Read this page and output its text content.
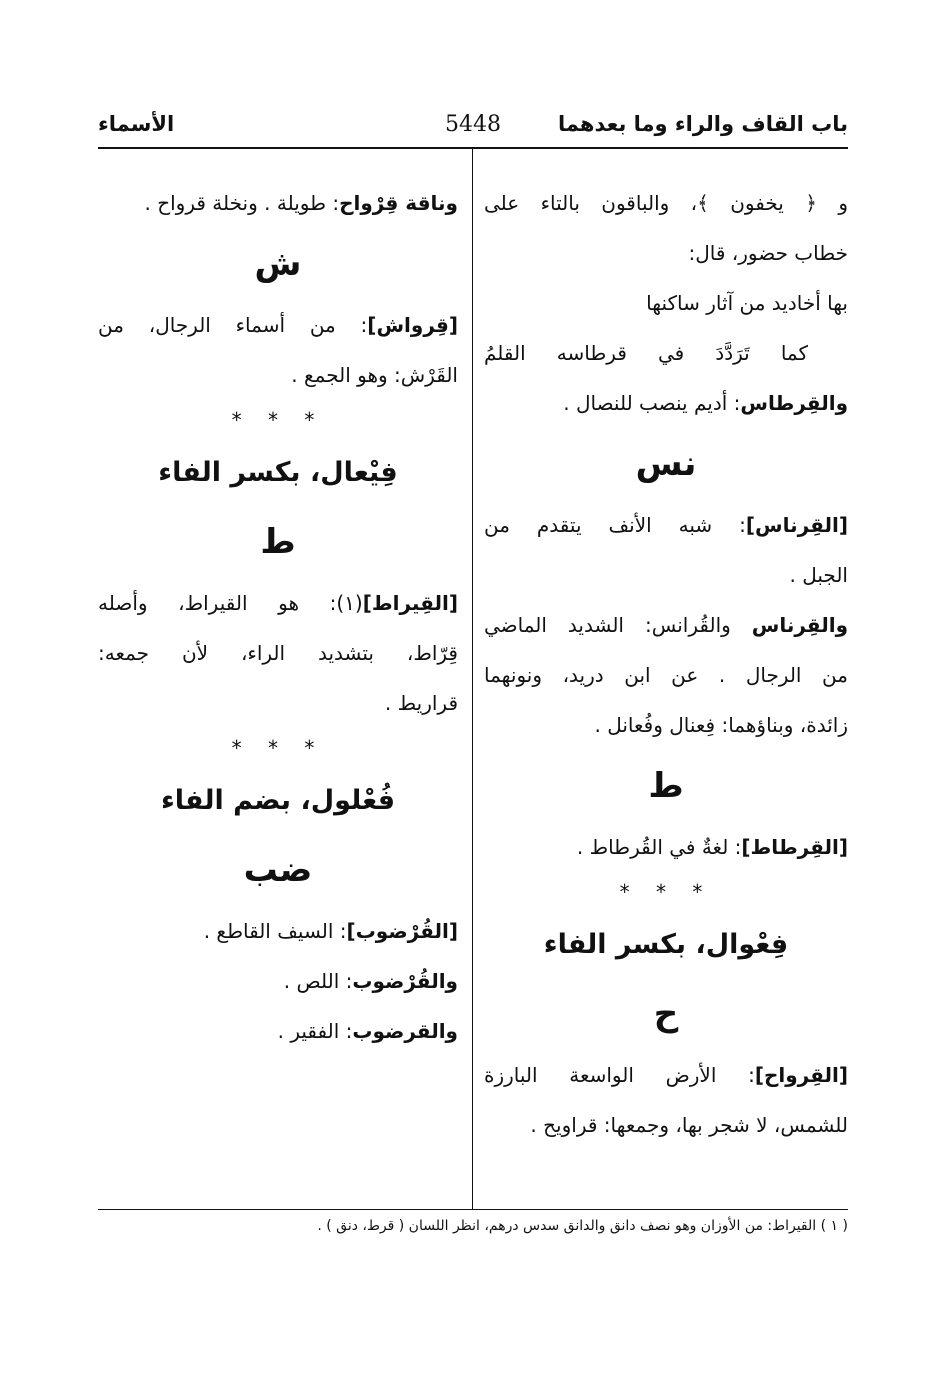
باب القاف والراء وما بعدهما
5448
الأسماء
و ﴿ يخفون ﴾، والباقون بالتاء على
خطاب حضور، قال:
بها أخاديد من آثار ساكنها
كما تَرَدَّدَ في قرطاسه القلمُ
والقِرطاس: أديم ينصب للنصال .
نس
[القِرناس]: شبه الأنف يتقدم من
الجبل .
والقِرناس والقُرانس: الشديد الماضي
من الرجال . عن ابن دريد، ونونهما
زائدة، وبناؤهما: فِعنال وفُعانل .
ط
[القِرطاط]: لغةٌ في القُرطاط .
* * *
فِعْوال، بكسر الفاء
ح
[القِرواح]: الأرض الواسعة البارزة
للشمس، لا شجر بها، وجمعها: قراويح .
وناقة قِرْواح: طويلة . ونخلة قرواح .
ش
[قِرواش]: من أسماء الرجال، من
القَرْش: وهو الجمع .
* * *
فِيْعال، بكسر الفاء
ط
[القِيراط](١): هو القيراط، وأصله
قِرّاط، بتشديد الراء، لأن جمعه:
قراريط .
* * *
فُعْلول، بضم الفاء
ضب
[القُرْضوب]: السيف القاطع .
والقُرْضوب: اللص .
والقرضوب: الفقير .
( ١ ) القيراط: من الأوزان وهو نصف دانق والدانق سدس درهم، انظر اللسان ( قرط، دنق ) .
